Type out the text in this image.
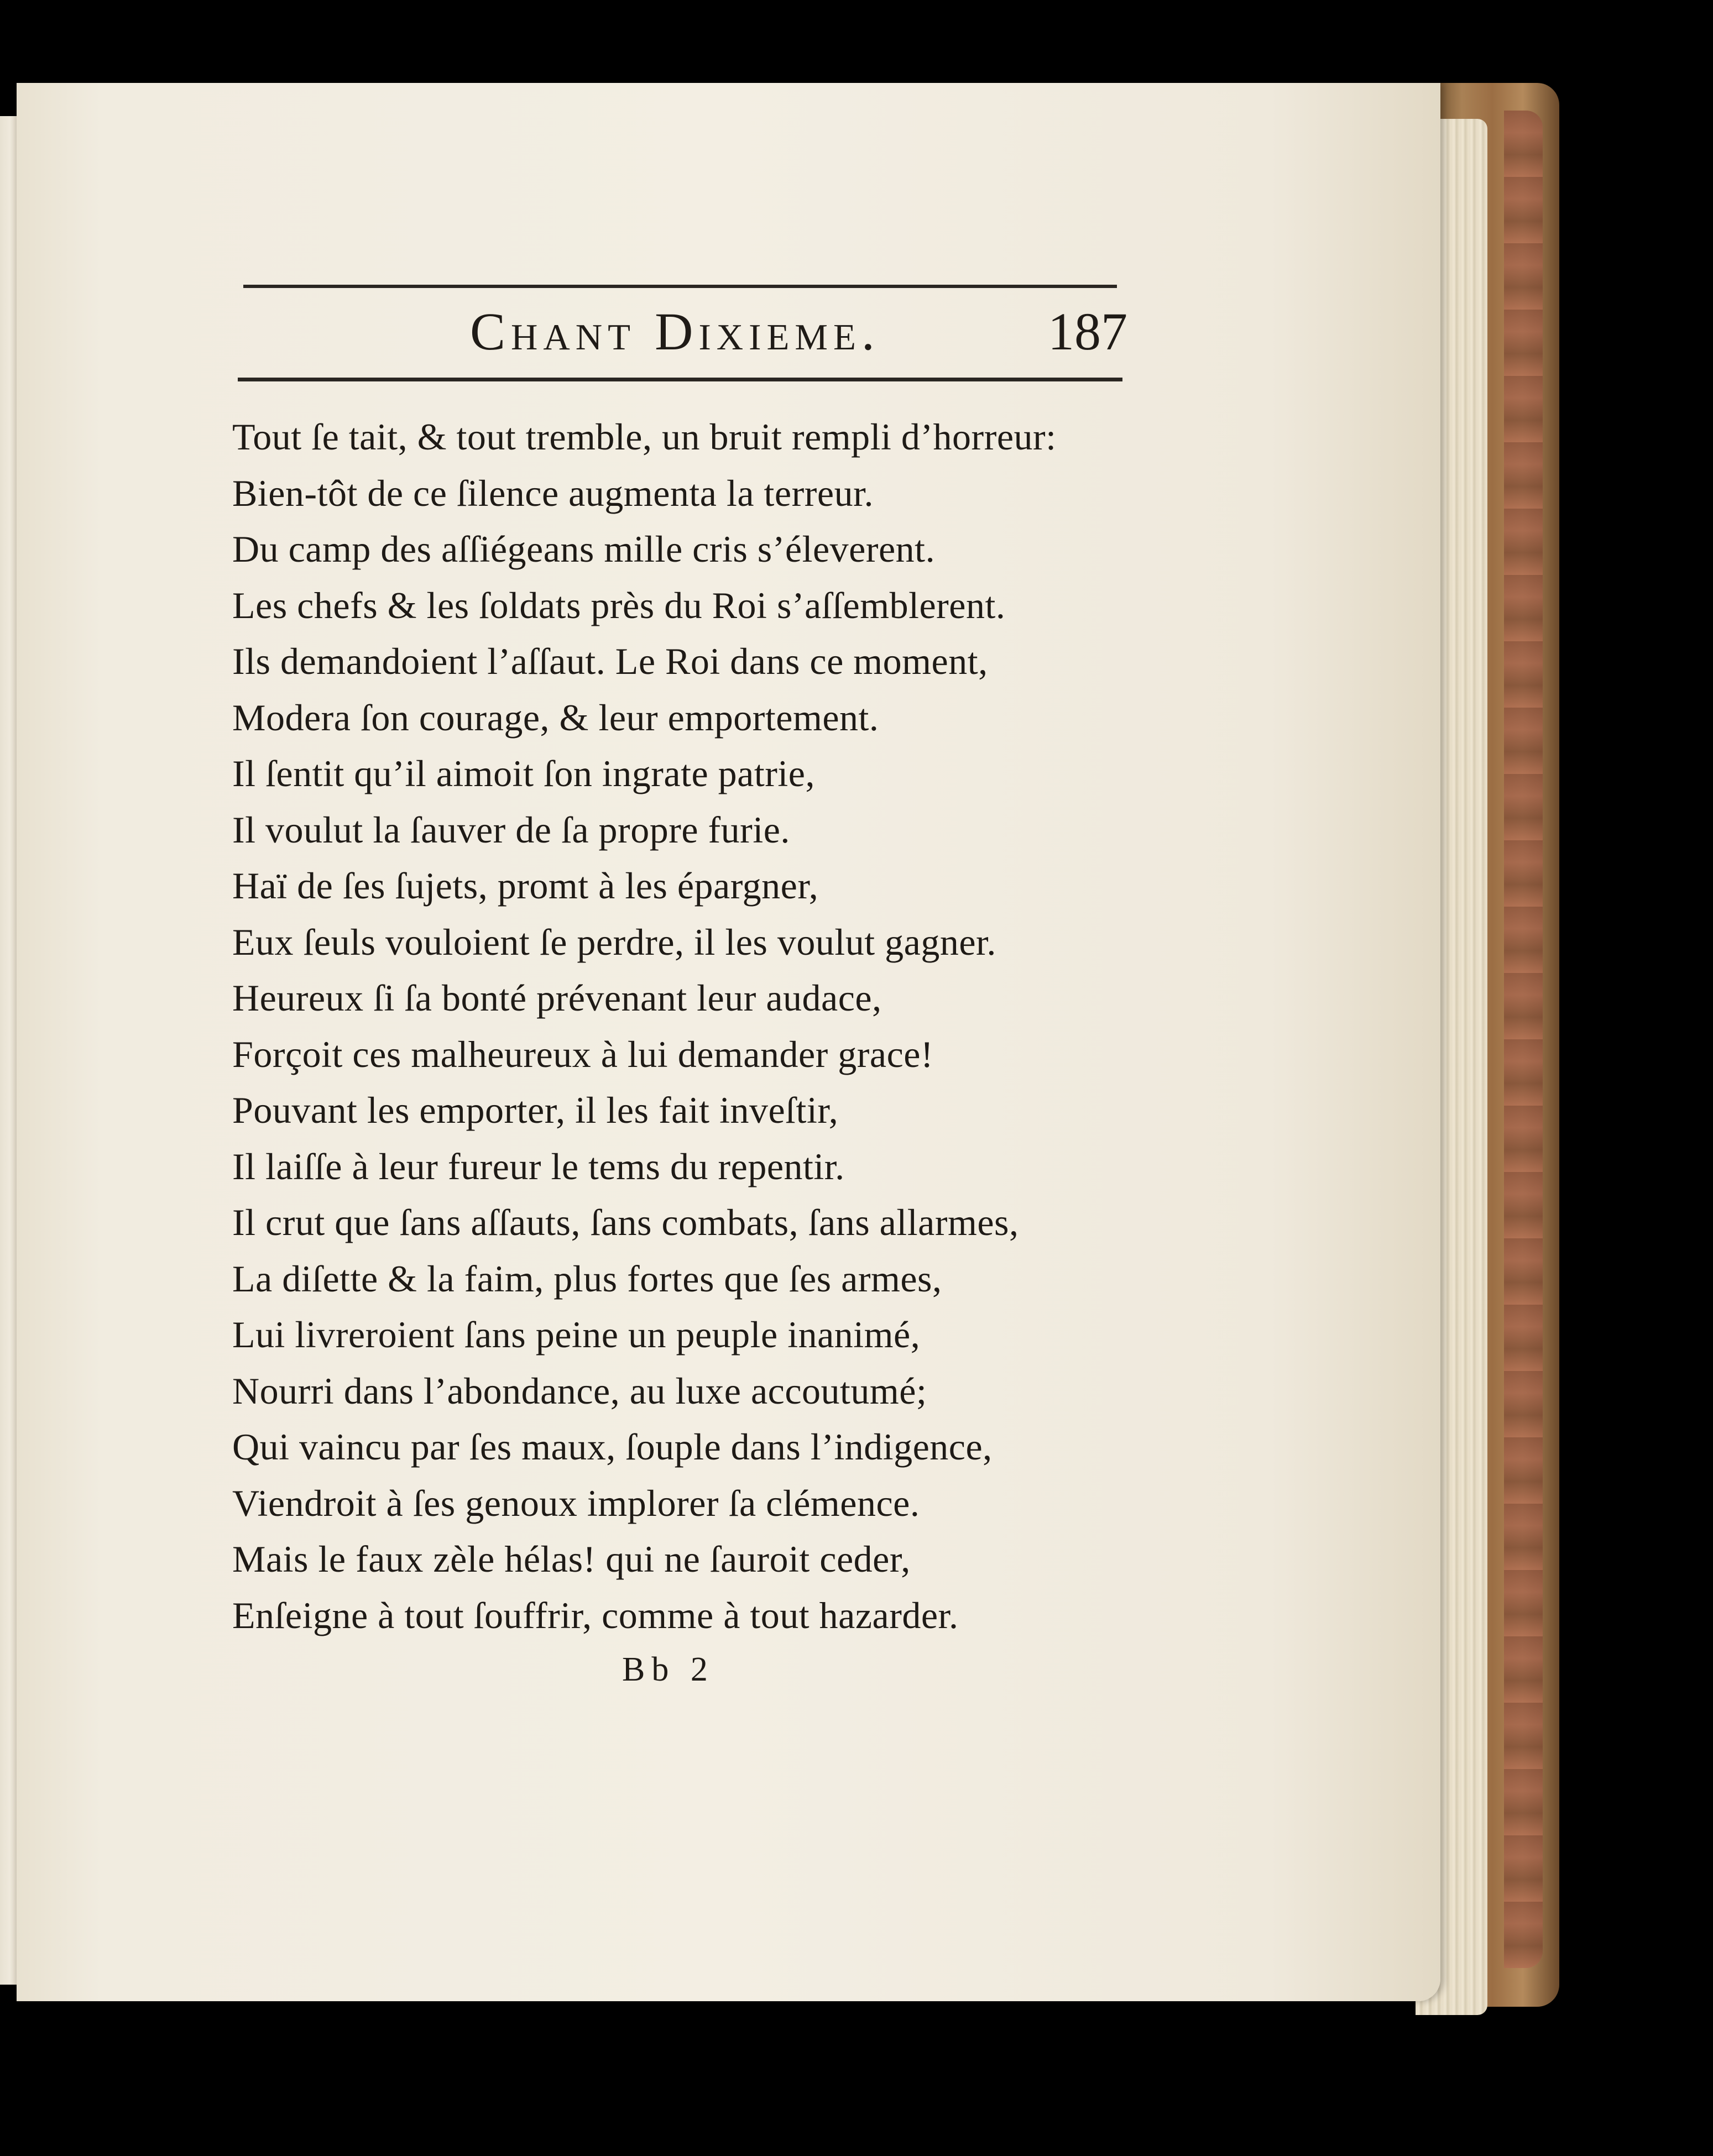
Chant Dixieme.	187
Tout ſe tait, & tout tremble, un bruit rempli d’horreur:
Bien-tôt de ce ſilence augmenta la terreur.
Du camp des aſſiégeans mille cris s’éleverent.
Les chefs & les ſoldats près du Roi s’aſſemblerent.
Ils demandoient l’aſſaut. Le Roi dans ce moment,
Modera ſon courage, & leur emportement.
Il ſentit qu’il aimoit ſon ingrate patrie,
Il voulut la ſauver de ſa propre furie.
Haï de ſes ſujets, promt à les épargner,
Eux ſeuls vouloient ſe perdre, il les voulut gagner.
Heureux ſi ſa bonté prévenant leur audace,
Forçoit ces malheureux à lui demander grace!
Pouvant les emporter, il les fait inveſtir,
Il laiſſe à leur fureur le tems du repentir.
Il crut que ſans aſſauts, ſans combats, ſans allarmes,
La diſette & la faim, plus fortes que ſes armes,
Lui livreroient ſans peine un peuple inanimé,
Nourri dans l’abondance, au luxe accoutumé;
Qui vaincu par ſes maux, ſouple dans l’indigence,
Viendroit à ſes genoux implorer ſa clémence.
Mais le faux zèle hélas! qui ne ſauroit ceder,
Enſeigne à tout ſouffrir, comme à tout hazarder.
Bb 2
